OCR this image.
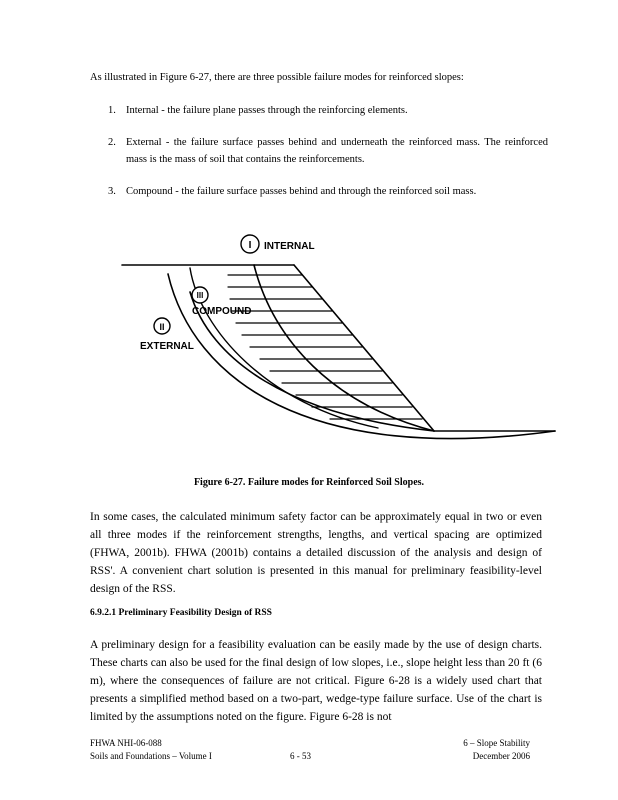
As illustrated in Figure 6-27, there are three possible failure modes for reinforced slopes:
1. Internal - the failure plane passes through the reinforcing elements.
2. External - the failure surface passes behind and underneath the reinforced mass. The reinforced mass is the mass of soil that contains the reinforcements.
3. Compound - the failure surface passes behind and through the reinforced soil mass.
I
III
II
INTERNAL
COMPOUND
EXTERNAL
Figure 6-27. Failure modes for Reinforced Soil Slopes.

In some cases, the calculated minimum safety factor can be approximately equal in two or even all three modes if the reinforcement strengths, lengths, and vertical spacing are optimized (FHWA, 2001b). FHWA (2001b) contains a detailed discussion of the analysis and design of RSS'. A convenient chart solution is presented in this manual for preliminary feasibility-level design of the RSS.

6.9.2.1 Preliminary Feasibility Design of RSS

A preliminary design for a feasibility evaluation can be easily made by the use of design charts. These charts can also be used for the final design of low slopes, i.e., slope height less than 20 ft (6 m), where the consequences of failure are not critical. Figure 6-28 is a widely used chart that presents a simplified method based on a two-part, wedge-type failure surface. Use of the chart is limited by the assumptions noted on the figure. Figure 6-28 is not

FHWA NHI-06-088
Soils and Foundations – Volume I	6 - 53
6 – Slope Stability
December 2006
